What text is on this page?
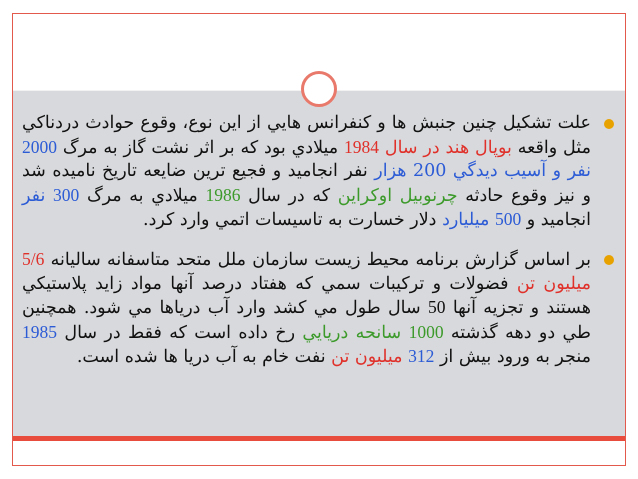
علت تشكيل چنين جنبش ها و كنفرانس هايي از اين نوع، وقوع حوادث دردناكي مثل واقعه بوپال هند در سال 1984 ميلادي بود كه بر اثر نشت گاز به مرگ 2000 نفر و آسيب ديدگي 200 هزار نفر انجاميد و فجيع ترين ضايعه تاريخ ناميده شد و نيز وقوع حادثه چرنوبيل اوكراين كه در سال 1986 ميلادي به مرگ 300 نفر انجاميد و 500 ميليارد دلار خسارت به تاسيسات اتمي وارد كرد.

بر اساس گزارش برنامه محيط زيست سازمان ملل متحد متاسفانه ساليانه 5/6 ميليون تن فضولات و تركيبات سمي كه هفتاد درصد آنها مواد زايد پلاستيكي هستند و تجزيه آنها 50 سال طول مي كشد وارد آب درياها مي شود. همچنين طي دو دهه گذشته 1000 سانحه دريايي رخ داده است كه فقط در سال 1985 منجر به ورود بيش از 312 ميليون تن نفت خام به آب دريا ها شده است.
